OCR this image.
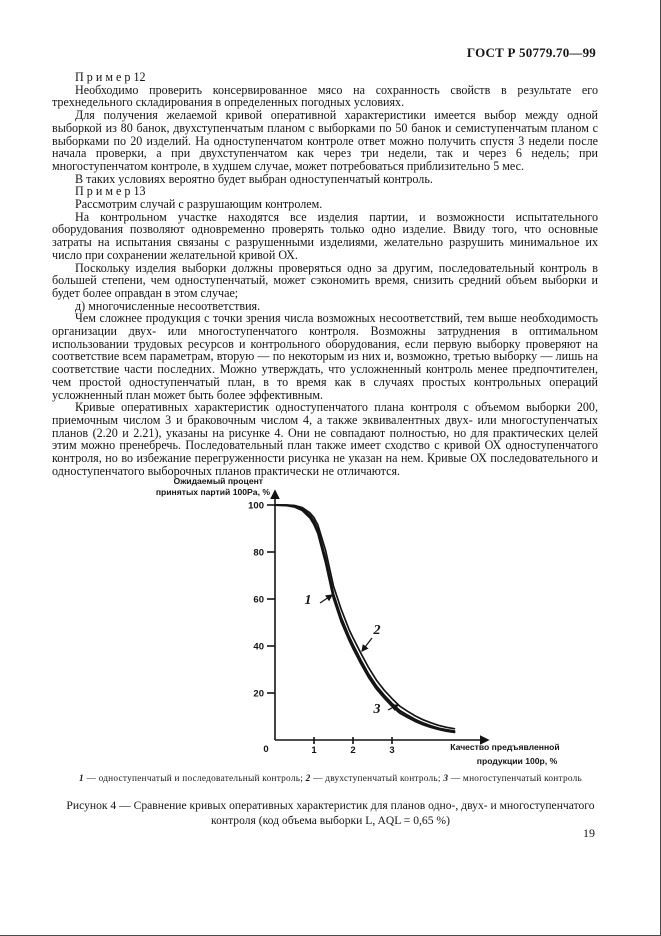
ГОСТ Р 50779.70—99

П р и м е р 12

Необходимо проверить консервированное мясо на сохранность свойств в результате его трехнедельного складирования в определенных погодных условиях.

Для получения желаемой кривой оперативной характеристики имеется выбор между одной выборкой из 80 банок, двухступенчатым планом с выборками по 50 банок и семиступенчатым планом с выборками по 20 изделий. На одноступенчатом контроле ответ можно получить спустя 3 недели после начала проверки, а при двухступенчатом как через три недели, так и через 6 недель; при многоступенчатом контроле, в худшем случае, может потребоваться приблизительно 5 мес.

В таких условиях вероятно будет выбран одноступенчатый контроль.

П р и м е р 13

Рассмотрим случай с разрушающим контролем.

На контрольном участке находятся все изделия партии, и возможности испытательного оборудования позволяют одновременно проверять только одно изделие. Ввиду того, что основные затраты на испытания связаны с разрушенными изделиями, желательно разрушить минимальное их число при сохранении желательной кривой ОХ.

Поскольку изделия выборки должны проверяться одно за другим, последовательный контроль в большей степени, чем одноступенчатый, может сэкономить время, снизить средний объем выборки и будет более оправдан в этом случае;

д) многочисленные несоответствия.

Чем сложнее продукция с точки зрения числа возможных несоответствий, тем выше необходимость организации двух- или многоступенчатого контроля. Возможны затруднения в оптимальном использовании трудовых ресурсов и контрольного оборудования, если первую выборку проверяют на соответствие всем параметрам, вторую — по некоторым из них и, возможно, третью выборку — лишь на соответствие части последних. Можно утверждать, что усложненный контроль менее предпочтителен, чем простой одноступенчатый план, в то время как в случаях простых контрольных операций усложненный план может быть более эффективным.

Кривые оперативных характеристик одноступенчатого плана контроля с объемом выборки 200, приемочным числом 3 и браковочным числом 4, а также эквивалентных двух- или многоступенчатых планов (2.20 и 2.21), указаны на рисунке 4. Они не совпадают полностью, но для практических целей этим можно пренебречь. Последовательный план также имеет сходство с кривой ОХ одноступенчатого контроля, но во избежание перегруженности рисунка не указан на нем. Кривые ОХ последовательного и одноступенчатого выборочных планов практически не отличаются.

20
40
60
80
100
0	1	2	3
Ожидаемый процент
принятых партий 100Pa, %
Качество предъявленной
продукции 100p, %
1
2
3
1 — одноступенчатый и последовательный контроль; 2 — двухступенчатый контроль; 3 — многоступенчатый контроль
Рисунок 4 — Сравнение кривых оперативных характеристик для планов одно-, двух- и многоступенчатого
контроля (код объема выборки L, AQL = 0,65 %)
19
